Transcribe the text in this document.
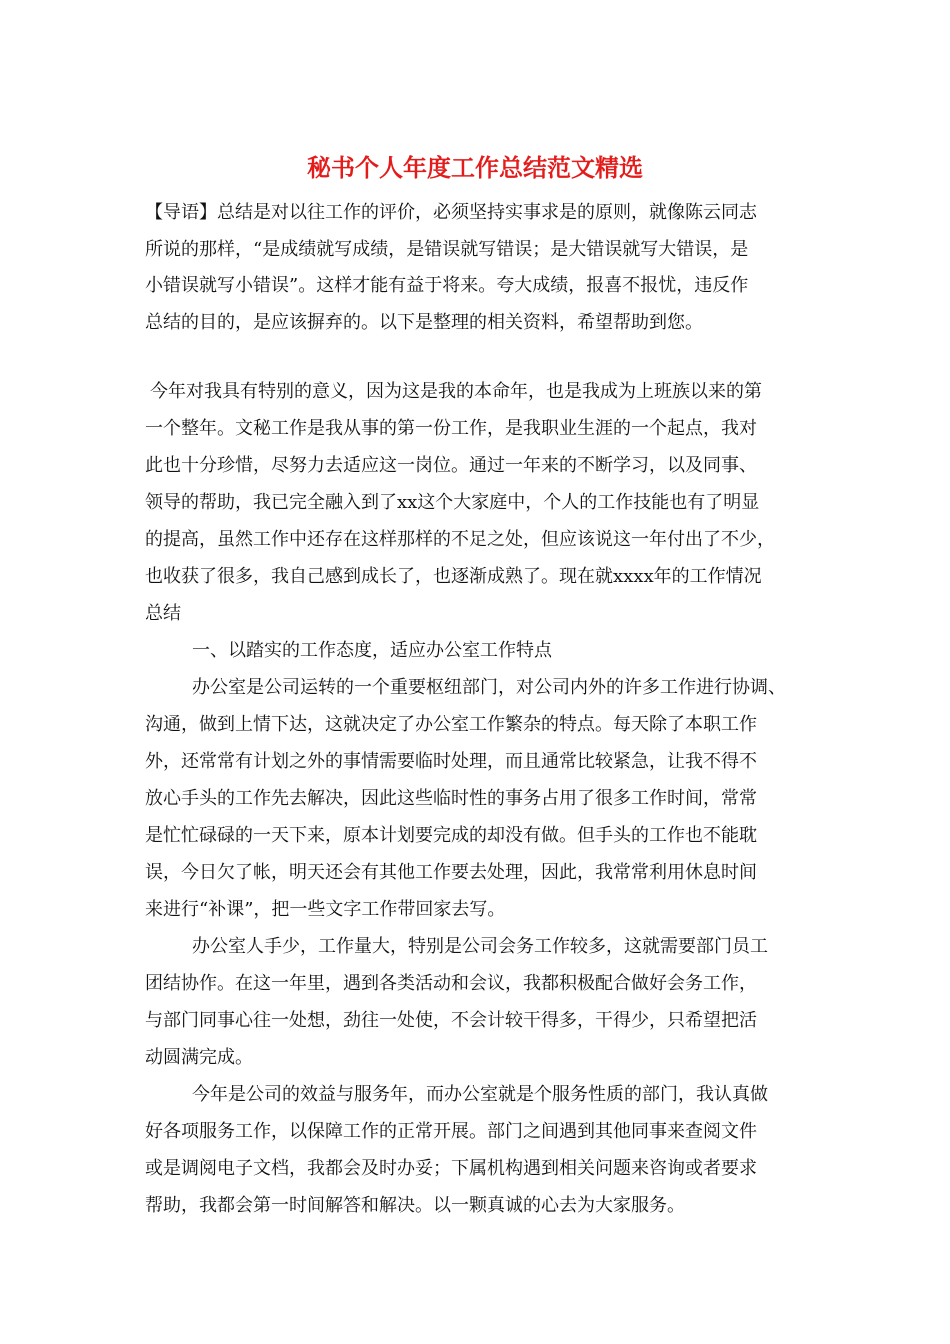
秘书个人年度工作总结范文精选

【导语】总结是对以往工作的评价，必须坚持实事求是的原则，就像陈云同志

所说的那样，“是成绩就写成绩，是错误就写错误；是大错误就写大错误，是

小错误就写小错误”。这样才能有益于将来。夸大成绩，报喜不报忧，违反作

总结的目的，是应该摒弃的。以下是整理的相关资料，希望帮助到您。

今年对我具有特别的意义，因为这是我的本命年，也是我成为上班族以来的第

一个整年。文秘工作是我从事的第一份工作，是我职业生涯的一个起点，我对

此也十分珍惜，尽努力去适应这一岗位。通过一年来的不断学习，以及同事、

领导的帮助，我已完全融入到了xx这个大家庭中，个人的工作技能也有了明显

的提高，虽然工作中还存在这样那样的不足之处，但应该说这一年付出了不少，

也收获了很多，我自己感到成长了，也逐渐成熟了。现在就xxxx年的工作情况

总结

一、以踏实的工作态度，适应办公室工作特点

办公室是公司运转的一个重要枢纽部门，对公司内外的许多工作进行协调、

沟通，做到上情下达，这就决定了办公室工作繁杂的特点。每天除了本职工作

外，还常常有计划之外的事情需要临时处理，而且通常比较紧急，让我不得不

放心手头的工作先去解决，因此这些临时性的事务占用了很多工作时间，常常

是忙忙碌碌的一天下来，原本计划要完成的却没有做。但手头的工作也不能耽

误，今日欠了帐，明天还会有其他工作要去处理，因此，我常常利用休息时间

来进行“补课”，把一些文字工作带回家去写。

办公室人手少，工作量大，特别是公司会务工作较多，这就需要部门员工

团结协作。在这一年里，遇到各类活动和会议，我都积极配合做好会务工作，

与部门同事心往一处想，劲往一处使，不会计较干得多，干得少，只希望把活

动圆满完成。

今年是公司的效益与服务年，而办公室就是个服务性质的部门，我认真做

好各项服务工作，以保障工作的正常开展。部门之间遇到其他同事来查阅文件

或是调阅电子文档，我都会及时办妥；下属机构遇到相关问题来咨询或者要求

帮助，我都会第一时间解答和解决。以一颗真诚的心去为大家服务。
